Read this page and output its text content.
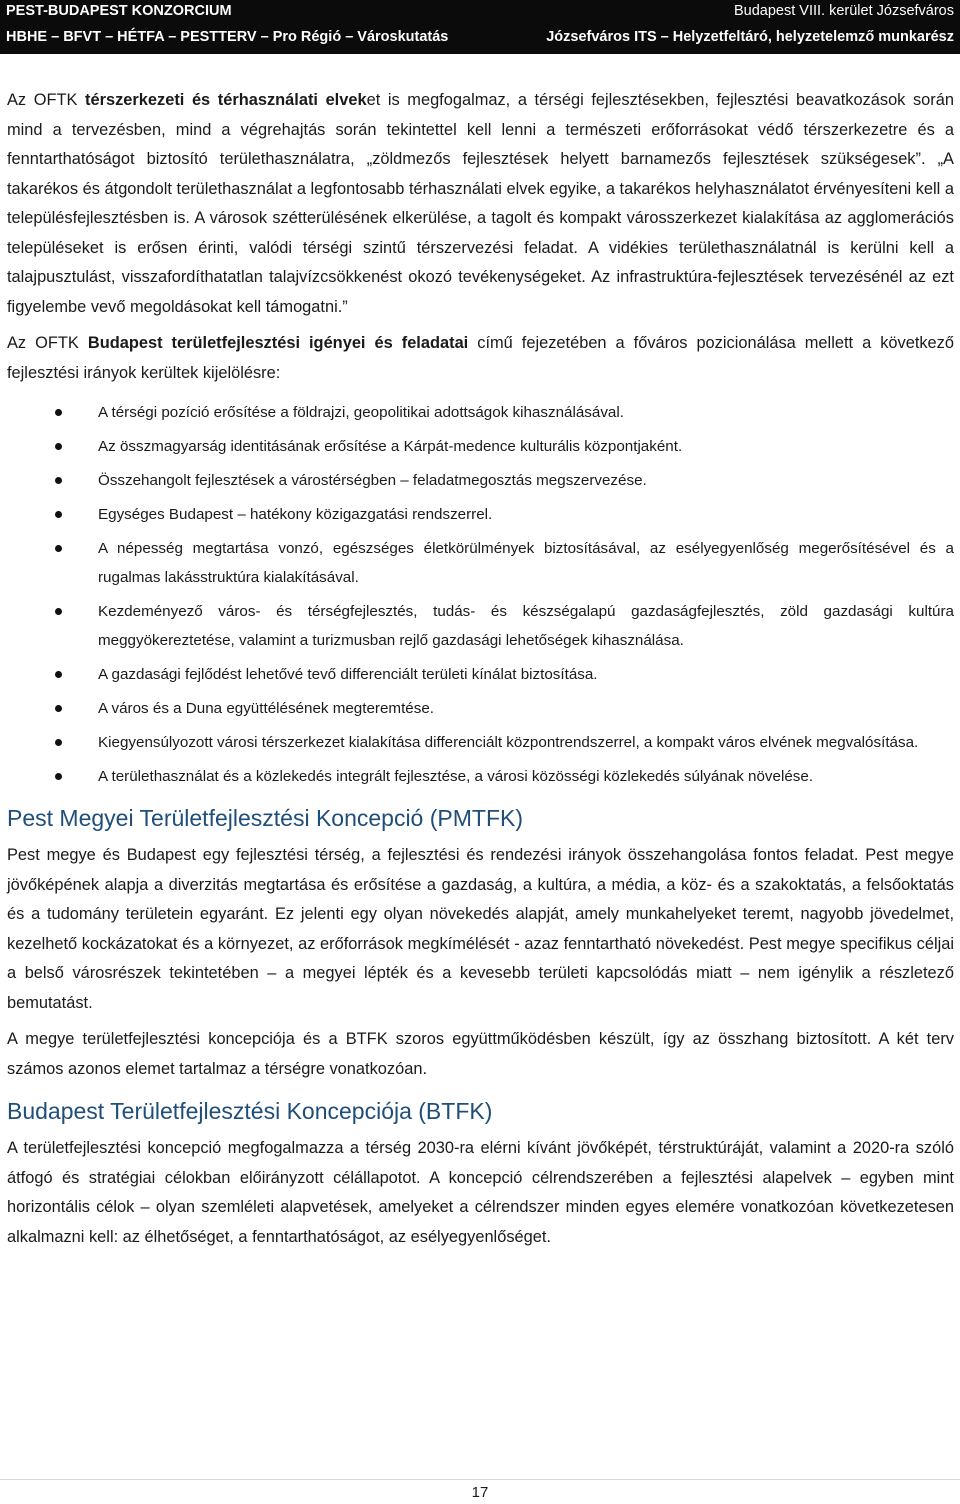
PEST-BUDAPEST KONZORCIUM	Budapest VIII. kerület Józsefváros
HBHE – BFVT – HÉTFA – PESTTERV – Pro Régió – Városkutatás	Józsefváros ITS – Helyzetfeltáró, helyzetelemző munkarész

Az OFTK térszerkezeti és térhasználati elveket is megfogalmaz, a térségi fejlesztésekben, fejlesztési beavatkozások során mind a tervezésben, mind a végrehajtás során tekintettel kell lenni a természeti erőforrásokat védő térszerkezetre és a fenntarthatóságot biztosító területhasználatra, „zöldmezős fejlesztések helyett barnamezős fejlesztések szükségesek”. „A takarékos és átgondolt területhasználat a legfontosabb térhasználati elvek egyike, a takarékos helyhasználatot érvényesíteni kell a településfejlesztésben is. A városok szétterülésének elkerülése, a tagolt és kompakt városszerkezet kialakítása az agglomerációs településeket is erősen érinti, valódi térségi szintű térszervezési feladat. A vidékies területhasználatnál is kerülni kell a talajpusztulást, visszafordíthatatlan talajvízcsökkenést okozó tevékenységeket. Az infrastruktúra-fejlesztések tervezésénél az ezt figyelembe vevő megoldásokat kell támogatni.”

Az OFTK Budapest területfejlesztési igényei és feladatai című fejezetében a főváros pozicionálása mellett a következő fejlesztési irányok kerültek kijelölésre:

A térségi pozíció erősítése a földrajzi, geopolitikai adottságok kihasználásával.
Az összmagyarság identitásának erősítése a Kárpát-medence kulturális központjaként.
Összehangolt fejlesztések a várostérségben – feladatmegosztás megszervezése.
Egységes Budapest – hatékony közigazgatási rendszerrel.
A népesség megtartása vonzó, egészséges életkörülmények biztosításával, az esélyegyenlőség megerősítésével és a rugalmas lakásstruktúra kialakításával.
Kezdeményező város- és térségfejlesztés, tudás- és készségalapú gazdaságfejlesztés, zöld gazdasági kultúra meggyökereztetése, valamint a turizmusban rejlő gazdasági lehetőségek kihasználása.
A gazdasági fejlődést lehetővé tevő differenciált területi kínálat biztosítása.
A város és a Duna együttélésének megteremtése.
Kiegyensúlyozott városi térszerkezet kialakítása differenciált központrendszerrel, a kompakt város elvének megvalósítása.
A területhasználat és a közlekedés integrált fejlesztése, a városi közösségi közlekedés súlyának növelése.
Pest Megyei Területfejlesztési Koncepció (PMTFK)

Pest megye és Budapest egy fejlesztési térség, a fejlesztési és rendezési irányok összehangolása fontos feladat. Pest megye jövőképének alapja a diverzitás megtartása és erősítése a gazdaság, a kultúra, a média, a köz- és a szakoktatás, a felsőoktatás és a tudomány területein egyaránt. Ez jelenti egy olyan növekedés alapját, amely munkahelyeket teremt, nagyobb jövedelmet, kezelhető kockázatokat és a környezet, az erőforrások megkímélését - azaz fenntartható növekedést. Pest megye specifikus céljai a belső városrészek tekintetében – a megyei lépték és a kevesebb területi kapcsolódás miatt – nem igénylik a részletező bemutatást.

A megye területfejlesztési koncepciója és a BTFK szoros együttműködésben készült, így az összhang biztosított. A két terv számos azonos elemet tartalmaz a térségre vonatkozóan.

Budapest Területfejlesztési Koncepciója (BTFK)

A területfejlesztési koncepció megfogalmazza a térség 2030-ra elérni kívánt jövőképét, térstruktúráját, valamint a 2020-ra szóló átfogó és stratégiai célokban előirányzott célállapotot. A koncepció célrendszerében a fejlesztési alapelvek – egyben mint horizontális célok – olyan szemléleti alapvetések, amelyeket a célrendszer minden egyes elemére vonatkozóan következetesen alkalmazni kell: az élhetőséget, a fenntarthatóságot, az esélyegyenlőséget.

17
